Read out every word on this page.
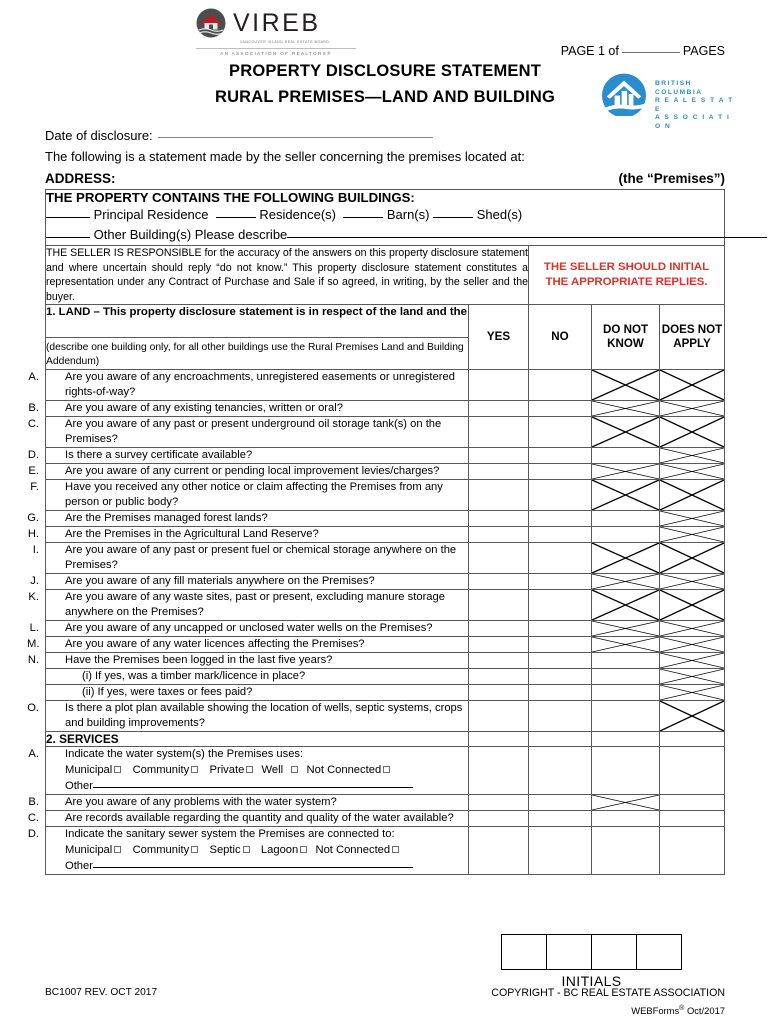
VIREB
VANCOUVER ISLAND REAL ESTATE BOARD
AN ASSOCIATION OF REALTORS®	PAGE 1 of	PAGES
PROPERTY DISCLOSURE STATEMENT
RURAL PREMISES—LAND AND BUILDING
BRITISH COLUMBIA
R E A L E S T A T E
A S S O C I A T I O N
Date of disclosure:
The following is a statement made by the seller concerning the premises located at:
ADDRESS:	(the “Premises”)
THE PROPERTY CONTAINS THE FOLLOWING BUILDINGS:
Principal Residence Residence(s) Barn(s) Shed(s)
Other Building(s) Please describe				

THE SELLER IS RESPONSIBLE for the accuracy of the answers on this property disclosure statement and where uncertain should reply “do not know.” This property disclosure statement constitutes a representation under any Contract of Purchase and Sale if so agreed, in writing, by the seller and the buyer.		THE SELLER SHOULD INITIAL
THE APPROPRIATE REPLIES.		

1. LAND – This property disclosure statement is in respect of the land and the
(describe one building only, for all other buildings use the Rural Premises Land and Building Addendum)
	YES	NO	
DO NOT
KNOW

DOES NOT
APPLY

A. Are you aware of any encroachments, unregistered easements or unregistered rights-of-way?

B. Are you aware of any existing tenancies, written or oral?

C. Are you aware of any past or present underground oil storage tank(s) on the Premises?

D. Is there a survey certificate available?

E. Are you aware of any current or pending local improvement levies/charges?

F. Have you received any other notice or claim affecting the Premises from any person or public body?

G. Are the Premises managed forest lands?

H. Are the Premises in the Agricultural Land Reserve?

I. Are you aware of any past or present fuel or chemical storage anywhere on the Premises?

J. Are you aware of any fill materials anywhere on the Premises?

K. Are you aware of any waste sites, past or present, excluding manure storage anywhere on the Premises?

L. Are you aware of any uncapped or unclosed water wells on the Premises?

M. Are you aware of any water licences affecting the Premises?

N. Have the Premises been logged in the last five years?

(i) If yes, was a timber mark/licence in place?

(ii) If yes, were taxes or fees paid?

O. Is there a plot plan available showing the location of wells, septic systems, crops and building improvements?

2. SERVICES				
A. Indicate the water system(s) the Premises uses:
Municipal Community Private Well Not Connected
Other				

B. Are you aware of any problems with the water system?

C. Are records available regarding the quantity and quality of the water available?				

D. Indicate the sanitary sewer system the Premises are connected to:
Municipal Community Septic Lagoon Not Connected
Other				

INITIALS
BC1007 REV. OCT 2017	COPYRIGHT - BC REAL ESTATE ASSOCIATION
WEBForms® Oct/2017
